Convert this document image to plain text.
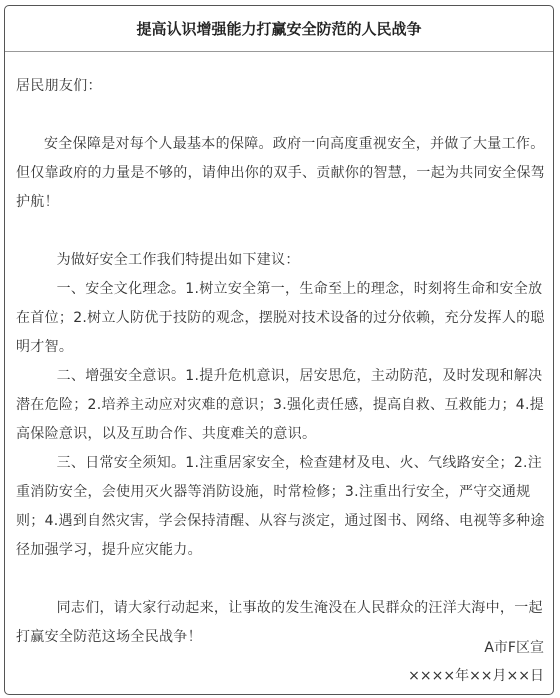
提高认识增强能力打赢安全防范的人民战争

居民朋友们：

安全保障是对每个人最基本的保障。政府一向高度重视安全，并做了大量工作。但仅靠政府的力量是不够的，请伸出你的双手、贡献你的智慧，一起为共同安全保驾护航！

为做好安全工作我们特提出如下建议：

一、安全文化理念。1.树立安全第一，生命至上的理念，时刻将生命和安全放在首位；2.树立人防优于技防的观念，摆脱对技术设备的过分依赖，充分发挥人的聪明才智。

二、增强安全意识。1.提升危机意识，居安思危，主动防范，及时发现和解决潜在危险；2.培养主动应对灾难的意识；3.强化责任感，提高自救、互救能力；4.提高保险意识，以及互助合作、共度难关的意识。

三、日常安全须知。1.注重居家安全，检查建材及电、火、气线路安全；2.注重消防安全，会使用灭火器等消防设施，时常检修；3.注重出行安全，严守交通规则；4.遇到自然灾害，学会保持清醒、从容与淡定，通过图书、网络、电视等多种途径加强学习，提升应灾能力。

同志们，请大家行动起来，让事故的发生淹没在人民群众的汪洋大海中，一起打赢安全防范这场全民战争！

A市F区宣
××××年××月××日
